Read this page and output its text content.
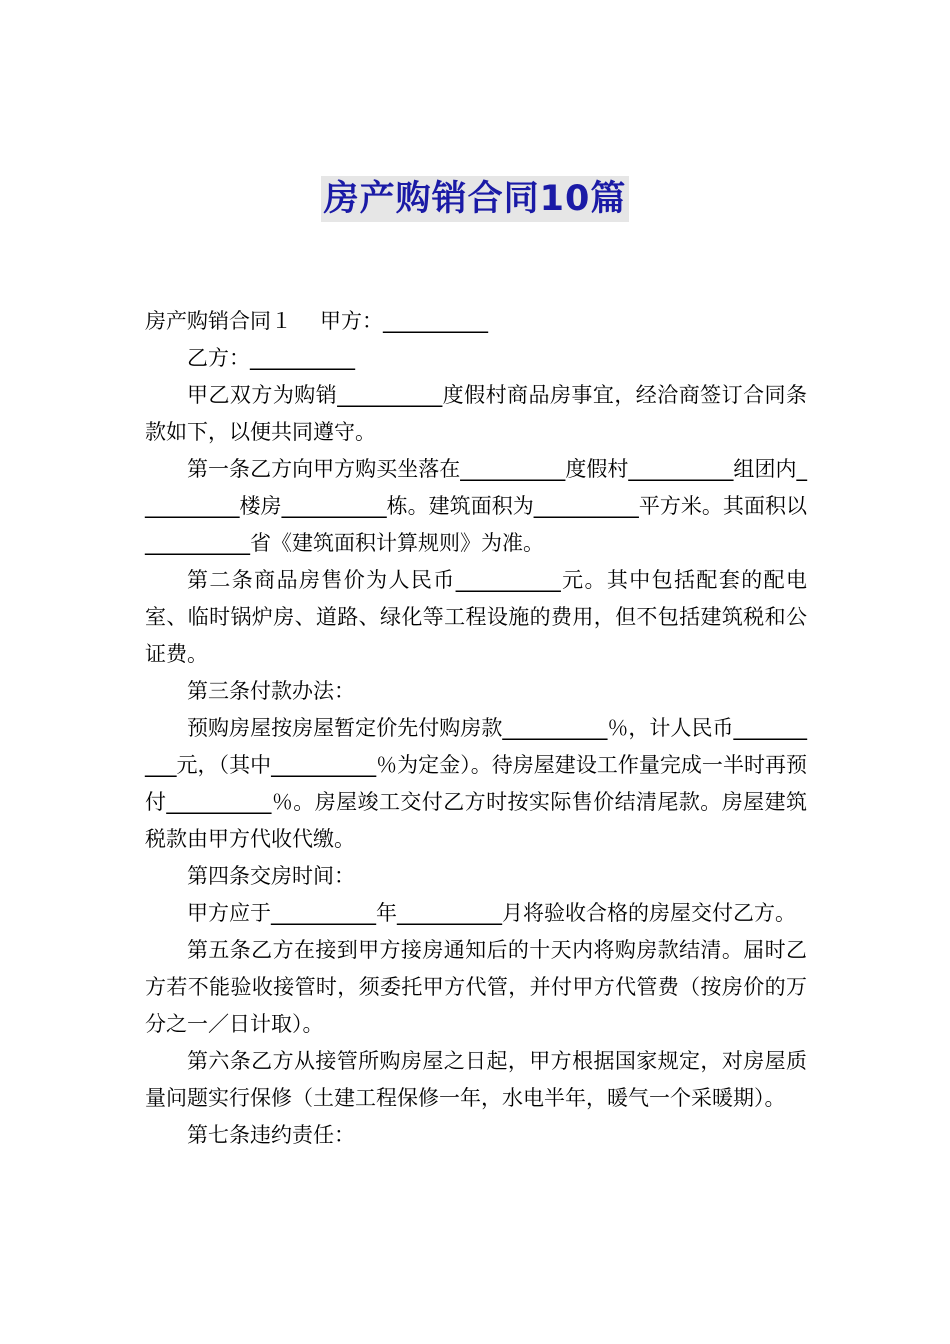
房产购销合同10篇

房产购销合同１ 甲方：__________

乙方：__________

甲乙双方为购销__________度假村商品房事宜，经洽商签订合同条款如下，以便共同遵守。

第一条乙方向甲方购买坐落在__________度假村__________组团内__________楼房__________栋。建筑面积为__________平方米。其面积以__________省《建筑面积计算规则》为准。

第二条商品房售价为人民币__________元。其中包括配套的配电室、临时锅炉房、道路、绿化等工程设施的费用，但不包括建筑税和公证费。

第三条付款办法：

预购房屋按房屋暂定价先付购房款__________％，计人民币__________元，（其中__________％为定金）。待房屋建设工作量完成一半时再预付__________％。房屋竣工交付乙方时按实际售价结清尾款。房屋建筑税款由甲方代收代缴。

第四条交房时间：

甲方应于__________年__________月将验收合格的房屋交付乙方。

第五条乙方在接到甲方接房通知后的十天内将购房款结清。届时乙方若不能验收接管时，须委托甲方代管，并付甲方代管费（按房价的万分之一／日计取）。

第六条乙方从接管所购房屋之日起，甲方根据国家规定，对房屋质量问题实行保修（土建工程保修一年，水电半年，暖气一个采暖期）。

第七条违约责任：
